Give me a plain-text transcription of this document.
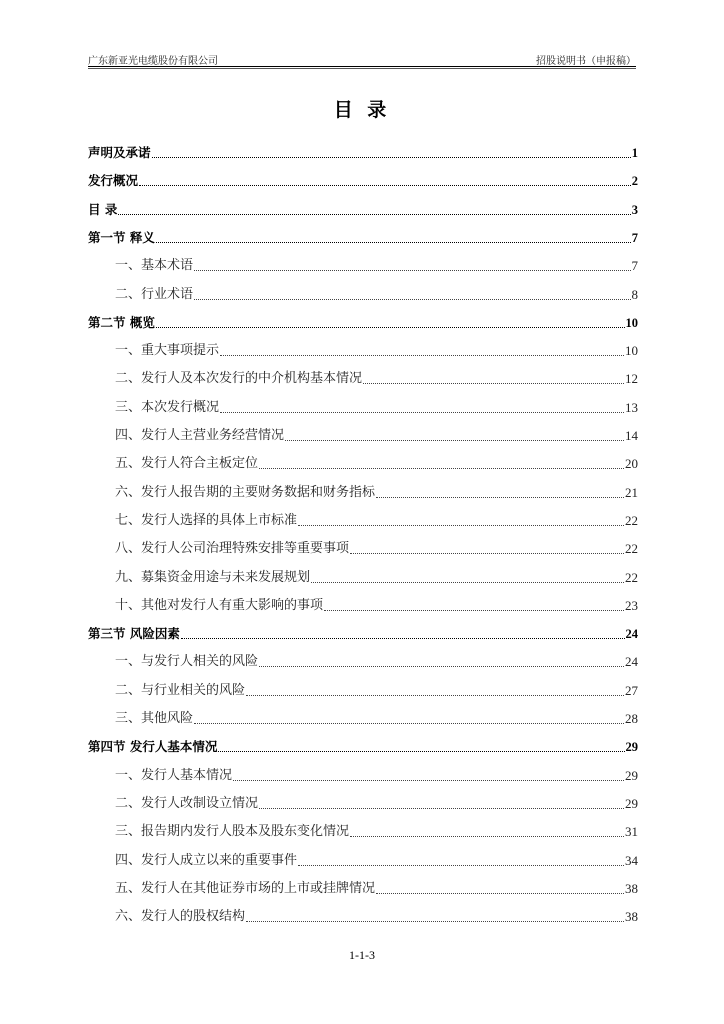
广东新亚光电缆股份有限公司	招股说明书（申报稿）
目 录
声明及承诺	1
发行概况	2
目 录	3
第一节 释义	7
一、基本术语	7
二、行业术语	8
第二节 概览	10
一、重大事项提示	10
二、发行人及本次发行的中介机构基本情况	12
三、本次发行概况	13
四、发行人主营业务经营情况	14
五、发行人符合主板定位	20
六、发行人报告期的主要财务数据和财务指标	21
七、发行人选择的具体上市标准	22
八、发行人公司治理特殊安排等重要事项	22
九、募集资金用途与未来发展规划	22
十、其他对发行人有重大影响的事项	23
第三节 风险因素	24
一、与发行人相关的风险	24
二、与行业相关的风险	27
三、其他风险	28
第四节 发行人基本情况	29
一、发行人基本情况	29
二、发行人改制设立情况	29
三、报告期内发行人股本及股东变化情况	31
四、发行人成立以来的重要事件	34
五、发行人在其他证券市场的上市或挂牌情况	38
六、发行人的股权结构	38
1-1-3
